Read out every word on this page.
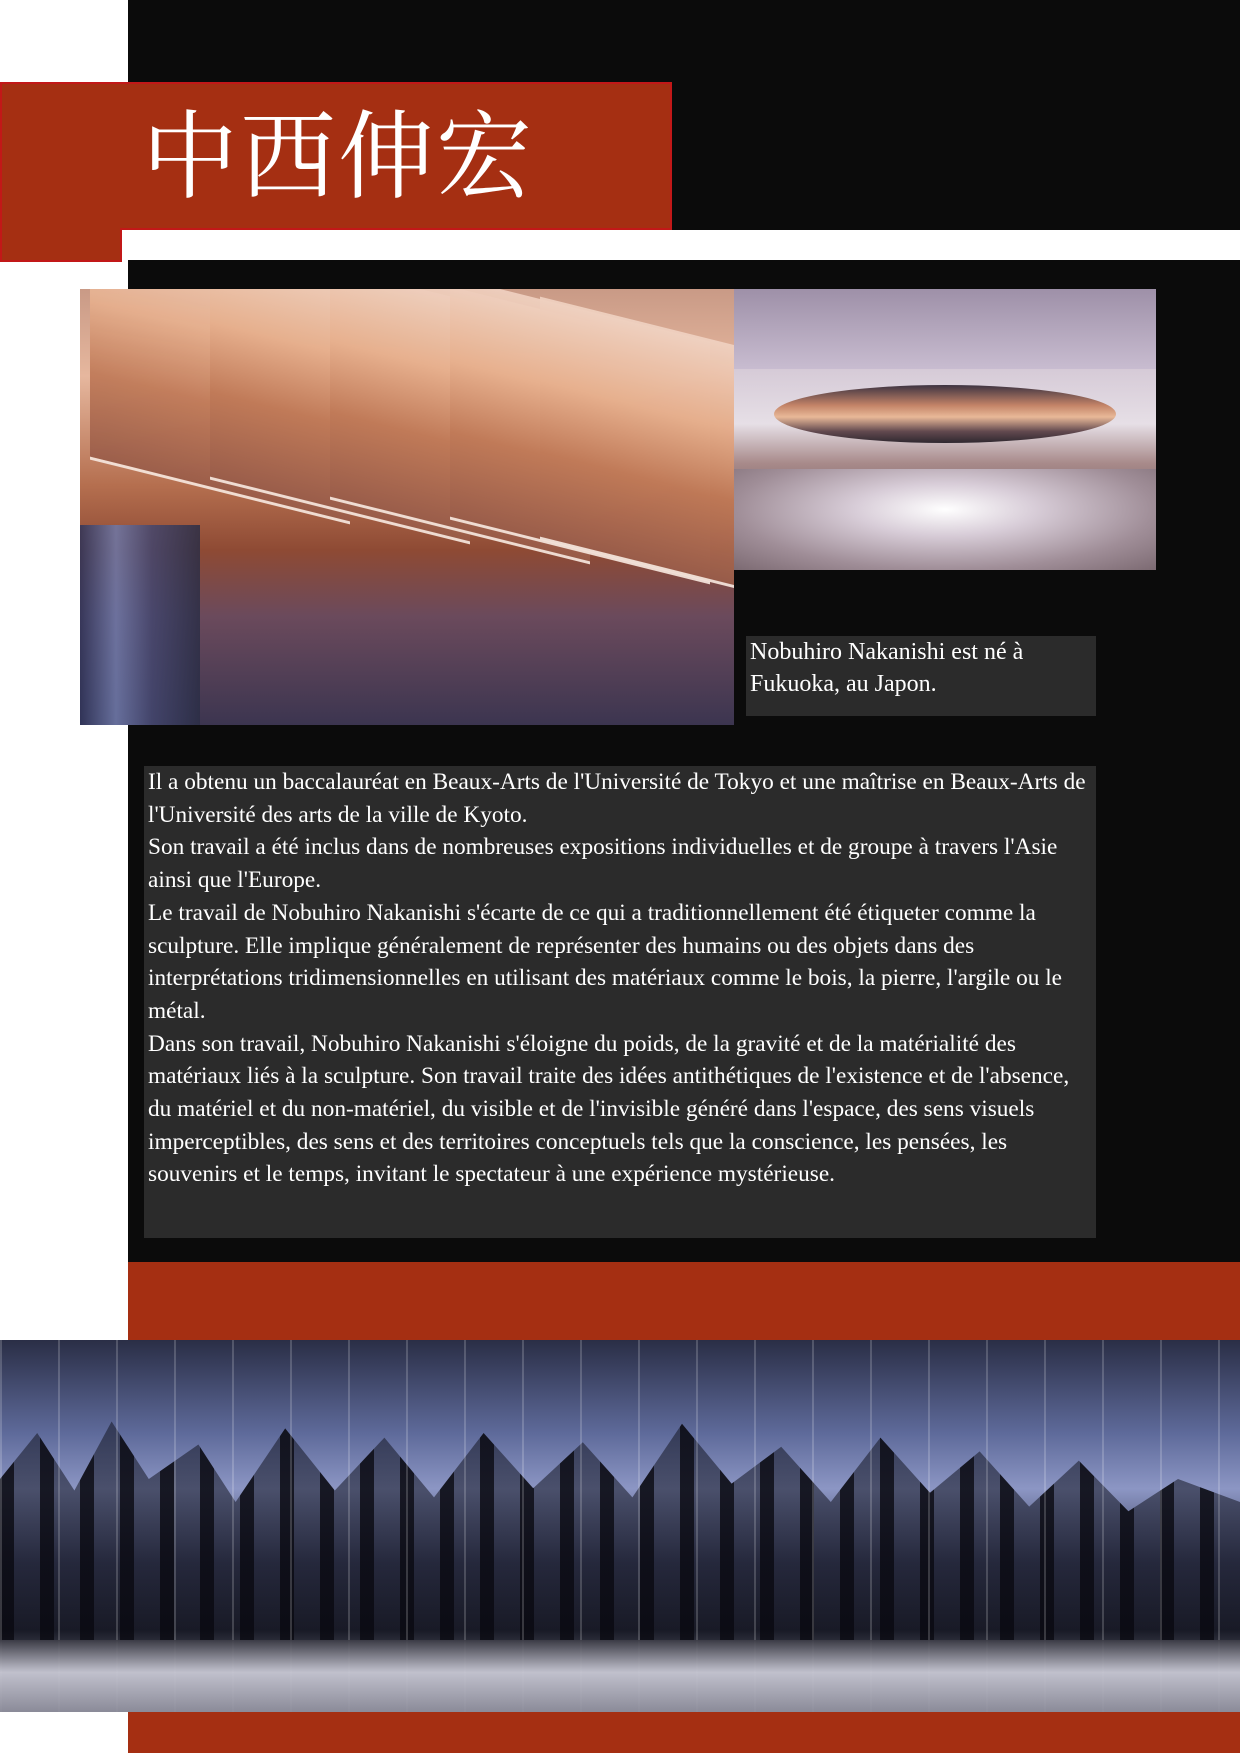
中西伸宏
Nobuhiro Nakanishi est né à Fukuoka, au Japon.

Il a obtenu un baccalauréat en Beaux-Arts de l'Université de Tokyo et une maîtrise en Beaux-Arts de l'Université des arts de la ville de Kyoto.

Son travail a été inclus dans de nombreuses expositions individuelles et de groupe à travers l'Asie ainsi que l'Europe.

Le travail de Nobuhiro Nakanishi s'écarte de ce qui a traditionnellement été étiqueter comme la sculpture. Elle implique généralement de représenter des humains ou des objets dans des interprétations tridimensionnelles en utilisant des matériaux comme le bois, la pierre, l'argile ou le métal.

Dans son travail, Nobuhiro Nakanishi s'éloigne du poids, de la gravité et de la matérialité des matériaux liés à la sculpture. Son travail traite des idées antithétiques de l'existence et de l'absence, du matériel et du non-matériel, du visible et de l'invisible généré dans l'espace, des sens visuels imperceptibles, des sens et des territoires conceptuels tels que la conscience, les pensées, les souvenirs et le temps, invitant le spectateur à une expérience mystérieuse.
